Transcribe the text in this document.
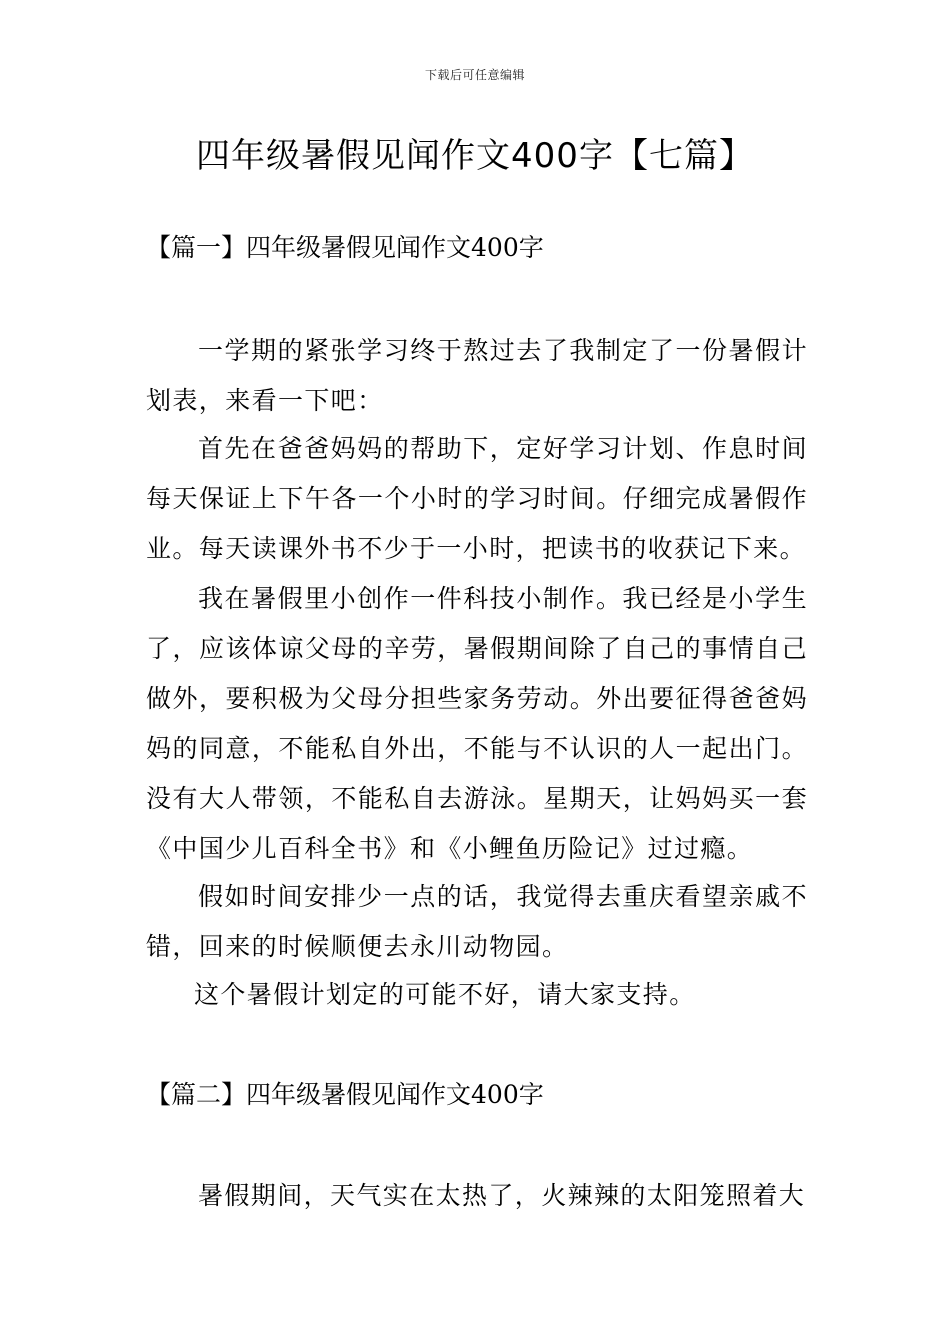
下载后可任意编辑
四年级暑假见闻作文400字【七篇】
【篇一】四年级暑假见闻作文400字

一学期的紧张学习终于熬过去了我制定了一份暑假计划表，来看一下吧：

首先在爸爸妈妈的帮助下，定好学习计划、作息时间每天保证上下午各一个小时的学习时间。仔细完成暑假作业。每天读课外书不少于一小时，把读书的收获记下来。

我在暑假里小创作一件科技小制作。我已经是小学生了，应该体谅父母的辛劳，暑假期间除了自己的事情自己做外，要积极为父母分担些家务劳动。外出要征得爸爸妈妈的同意，不能私自外出，不能与不认识的人一起出门。没有大人带领，不能私自去游泳。星期天，让妈妈买一套《中国少儿百科全书》和《小鲤鱼历险记》过过瘾。

假如时间安排少一点的话，我觉得去重庆看望亲戚不错，回来的时候顺便去永川动物园。

这个暑假计划定的可能不好，请大家支持。

【篇二】四年级暑假见闻作文400字

暑假期间，天气实在太热了，火辣辣的太阳笼照着大
